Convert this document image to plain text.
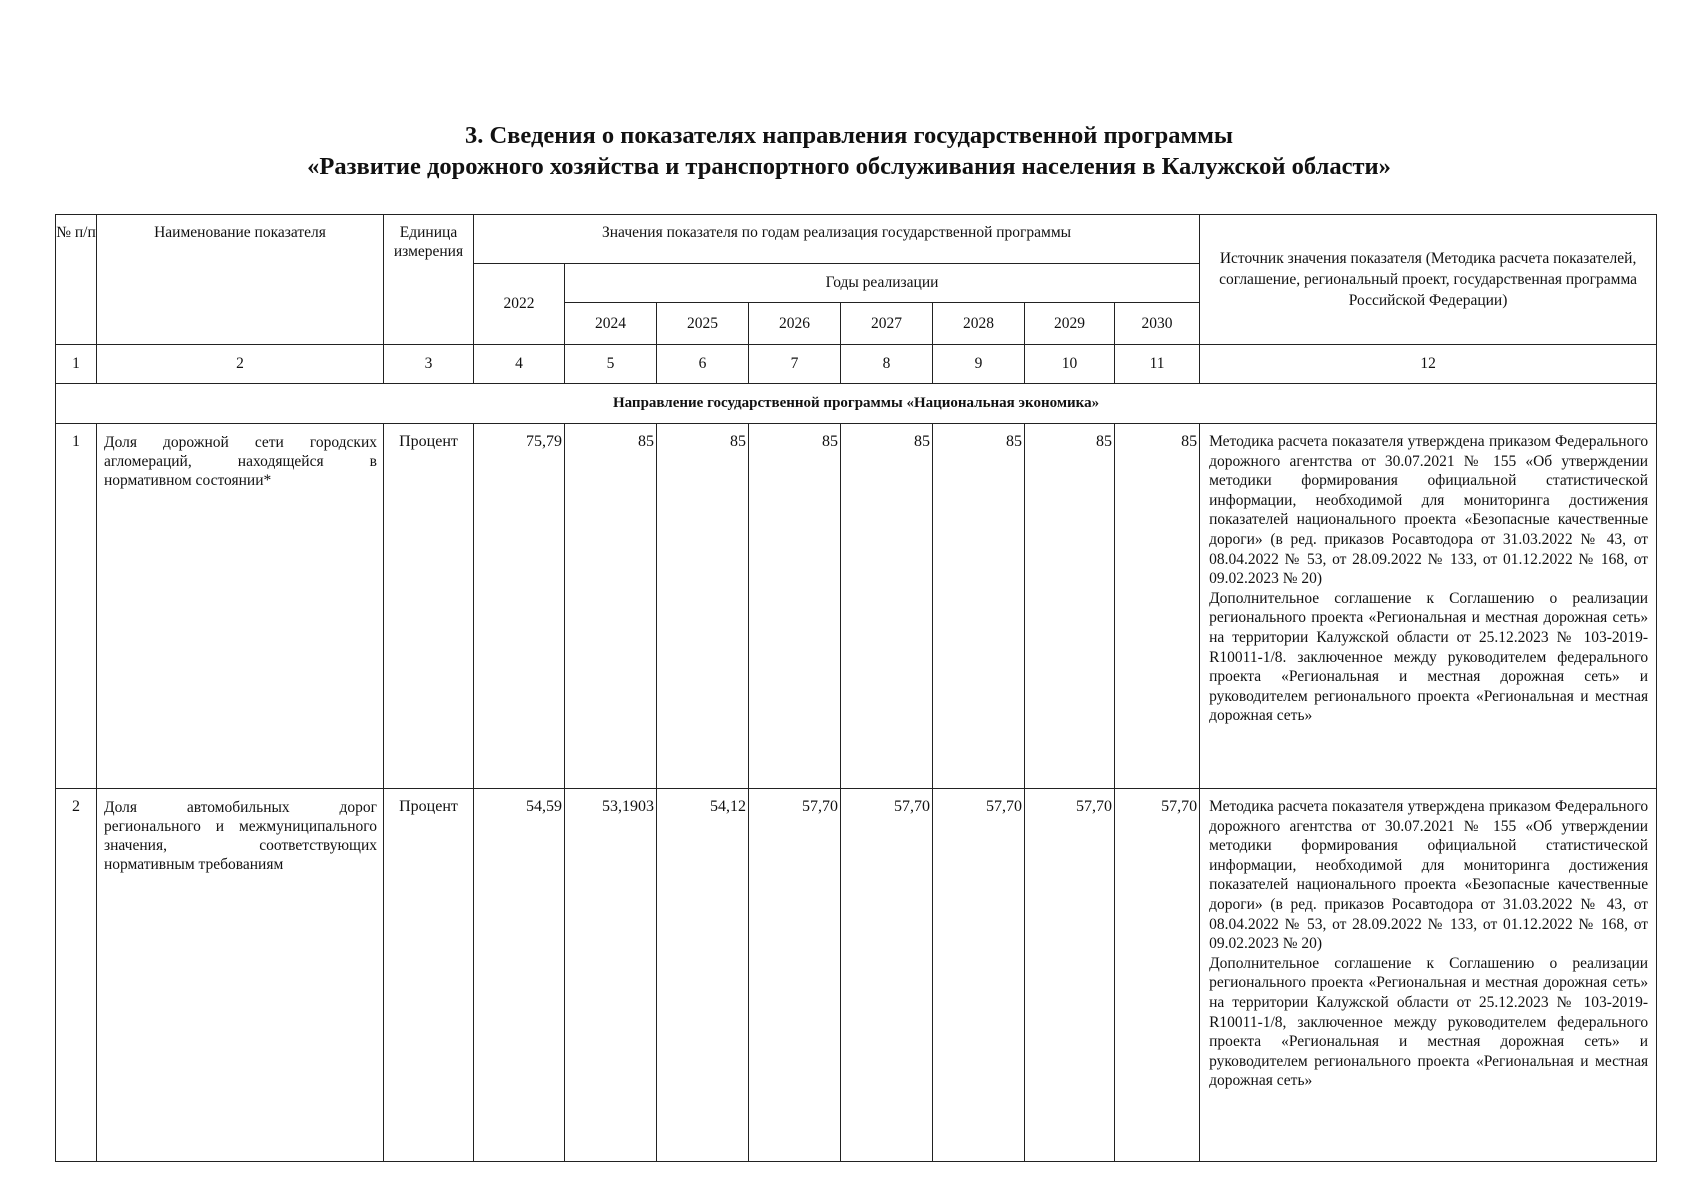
3. Сведения о показателях направления государственной программы
«Развитие дорожного хозяйства и транспортного обслуживания населения в Калужской области»
№ п/п	Наименование показателя	Единица измерения	Значения показателя по годам реализация государственной программы								Источник значения показателя (Методика расчета показателей, соглашение, региональный проект, государственная программа Российской Федерации)
			2022	Годы реализации							
				2024	2025	2026	2027	2028	2029	2030	
1	2	3	4	5	6	7	8	9	10	11	12
Направление государственной программы «Национальная экономика»											
1	Доля дорожной сети городских агломераций, находящейся в нормативном состоянии*	Процент	75,79	85	85	85	85	85	85	85	Методика расчета показателя утверждена приказом Федерального дорожного агентства от 30.07.2021 № 155 «Об утверждении методики формирования официальной статистической информации, необходимой для мониторинга достижения показателей национального проекта «Безопасные качественные дороги» (в ред. приказов Росавтодора от 31.03.2022 № 43, от 08.04.2022 № 53, от 28.09.2022 № 133, от 01.12.2022 № 168, от 09.02.2023 № 20)

Дополнительное соглашение к Соглашению о реализации регионального проекта «Региональная и местная дорожная сеть» на территории Калужской области от 25.12.2023 № 103-2019-R10011-1/8. заключенное между руководителем федерального проекта «Региональная и местная дорожная сеть» и руководителем регионального проекта «Региональная и местная дорожная сеть»

2	Доля автомобильных дорог регионального и межмуниципального значения, соответствующих нормативным требованиям	Процент	54,59	53,1903	54,12	57,70	57,70	57,70	57,70	57,70	Методика расчета показателя утверждена приказом Федерального дорожного агентства от 30.07.2021 № 155 «Об утверждении методики формирования официальной статистической информации, необходимой для мониторинга достижения показателей национального проекта «Безопасные качественные дороги» (в ред. приказов Росавтодора от 31.03.2022 № 43, от 08.04.2022 № 53, от 28.09.2022 № 133, от 01.12.2022 № 168, от 09.02.2023 № 20)

Дополнительное соглашение к Соглашению о реализации регионального проекта «Региональная и местная дорожная сеть» на территории Калужской области от 25.12.2023 № 103-2019-R10011-1/8, заключенное между руководителем федерального проекта «Региональная и местная дорожная сеть» и руководителем регионального проекта «Региональная и местная дорожная сеть»
